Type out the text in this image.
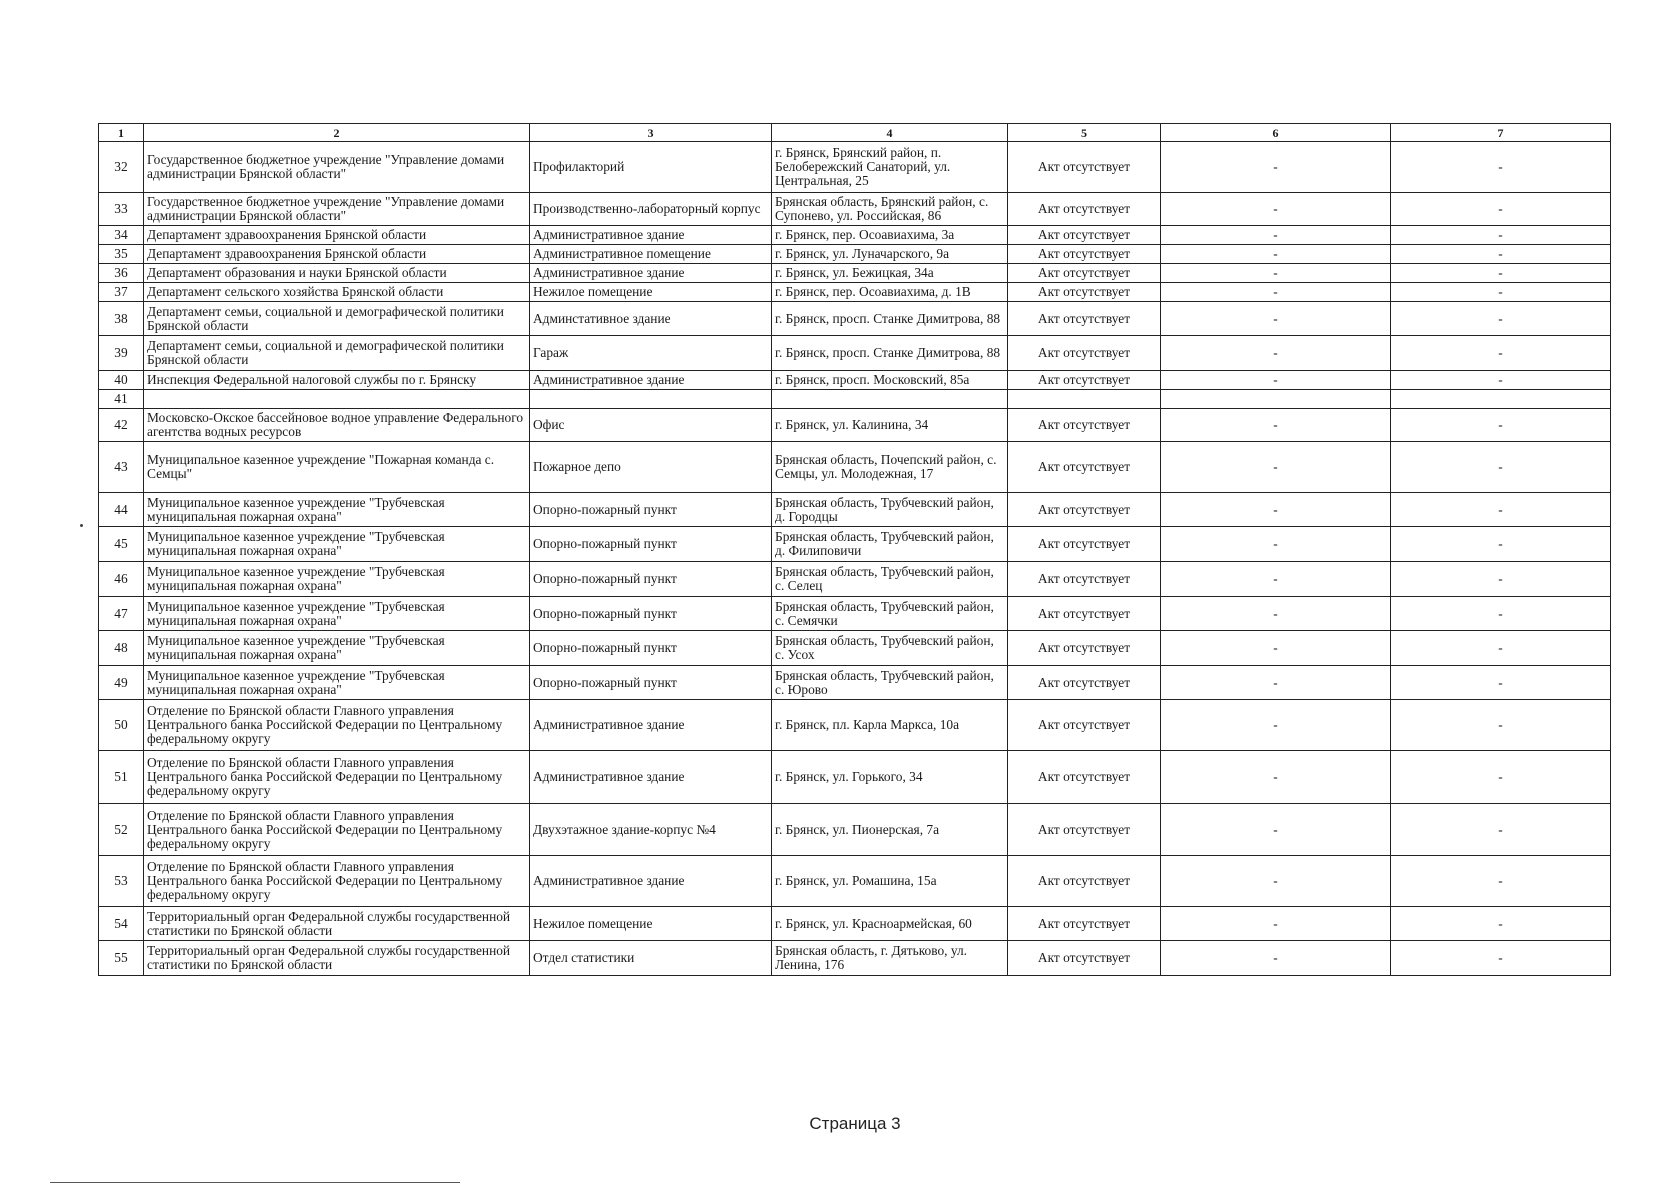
1	2	3	4	5	6	7
32	Государственное бюджетное учреждение "Управление домами администрации Брянской области"	Профилакторий	г. Брянск, Брянский район, п. Белобережский Санаторий, ул. Центральная, 25	Акт отсутствует	-	-
33	Государственное бюджетное учреждение "Управление домами администрации Брянской области"	Производственно-лабораторный корпус	Брянская область, Брянский район, с. Супонево, ул. Российская, 86	Акт отсутствует	-	-
34	Департамент здравоохранения Брянской области	Административное здание	г. Брянск, пер. Осоавиахима, 3а	Акт отсутствует	-	-
35	Департамент здравоохранения Брянской области	Административное помещение	г. Брянск, ул. Луначарского, 9а	Акт отсутствует	-	-
36	Департамент образования и науки Брянской области	Административное здание	г. Брянск, ул. Бежицкая, 34а	Акт отсутствует	-	-
37	Департамент сельского хозяйства Брянской области	Нежилое помещение	г. Брянск, пер. Осоавиахима, д. 1В	Акт отсутствует	-	-
38	Департамент семьи, социальной и демографической политики Брянской области	Админстативное здание	г. Брянск, просп. Станке Димитрова, 88	Акт отсутствует	-	-
39	Департамент семьи, социальной и демографической политики Брянской области	Гараж	г. Брянск, просп. Станке Димитрова, 88	Акт отсутствует	-	-
40	Инспекция Федеральной налоговой службы по г. Брянску	Административное здание	г. Брянск, просп. Московский, 85а	Акт отсутствует	-	-
41						
42	Московско-Окское бассейновое водное управление Федерального агентства водных ресурсов	Офис	г. Брянск, ул. Калинина, 34	Акт отсутствует	-	-
43	Муниципальное казенное учреждение "Пожарная команда с. Семцы"	Пожарное депо	Брянская область, Почепский район, с. Семцы, ул. Молодежная, 17	Акт отсутствует	-	-
44	Муниципальное казенное учреждение "Трубчевская муниципальная пожарная охрана"	Опорно-пожарный пункт	Брянская область, Трубчевский район, д. Городцы	Акт отсутствует	-	-
45	Муниципальное казенное учреждение "Трубчевская муниципальная пожарная охрана"	Опорно-пожарный пункт	Брянская область, Трубчевский район, д. Филиповичи	Акт отсутствует	-	-
46	Муниципальное казенное учреждение "Трубчевская муниципальная пожарная охрана"	Опорно-пожарный пункт	Брянская область, Трубчевский район, с. Селец	Акт отсутствует	-	-
47	Муниципальное казенное учреждение "Трубчевская муниципальная пожарная охрана"	Опорно-пожарный пункт	Брянская область, Трубчевский район, с. Семячки	Акт отсутствует	-	-
48	Муниципальное казенное учреждение "Трубчевская муниципальная пожарная охрана"	Опорно-пожарный пункт	Брянская область, Трубчевский район, с. Усох	Акт отсутствует	-	-
49	Муниципальное казенное учреждение "Трубчевская муниципальная пожарная охрана"	Опорно-пожарный пункт	Брянская область, Трубчевский район, с. Юрово	Акт отсутствует	-	-
50	Отделение по Брянской области Главного управления Центрального банка Российской Федерации по Центральному федеральному округу	Административное здание	г. Брянск, пл. Карла Маркса, 10а	Акт отсутствует	-	-
51	Отделение по Брянской области Главного управления Центрального банка Российской Федерации по Центральному федеральному округу	Административное здание	г. Брянск, ул. Горького, 34	Акт отсутствует	-	-
52	Отделение по Брянской области Главного управления Центрального банка Российской Федерации по Центральному федеральному округу	Двухэтажное здание-корпус №4	г. Брянск, ул. Пионерская, 7а	Акт отсутствует	-	-
53	Отделение по Брянской области Главного управления Центрального банка Российской Федерации по Центральному федеральному округу	Административное здание	г. Брянск, ул. Ромашина, 15а	Акт отсутствует	-	-
54	Территориальный орган Федеральной службы государственной статистики по Брянской области	Нежилое помещение	г. Брянск, ул. Красноармейская, 60	Акт отсутствует	-	-
55	Территориальный орган Федеральной службы государственной статистики по Брянской области	Отдел статистики	Брянская область, г. Дятьково, ул. Ленина, 176	Акт отсутствует	-	-
Страница 3
